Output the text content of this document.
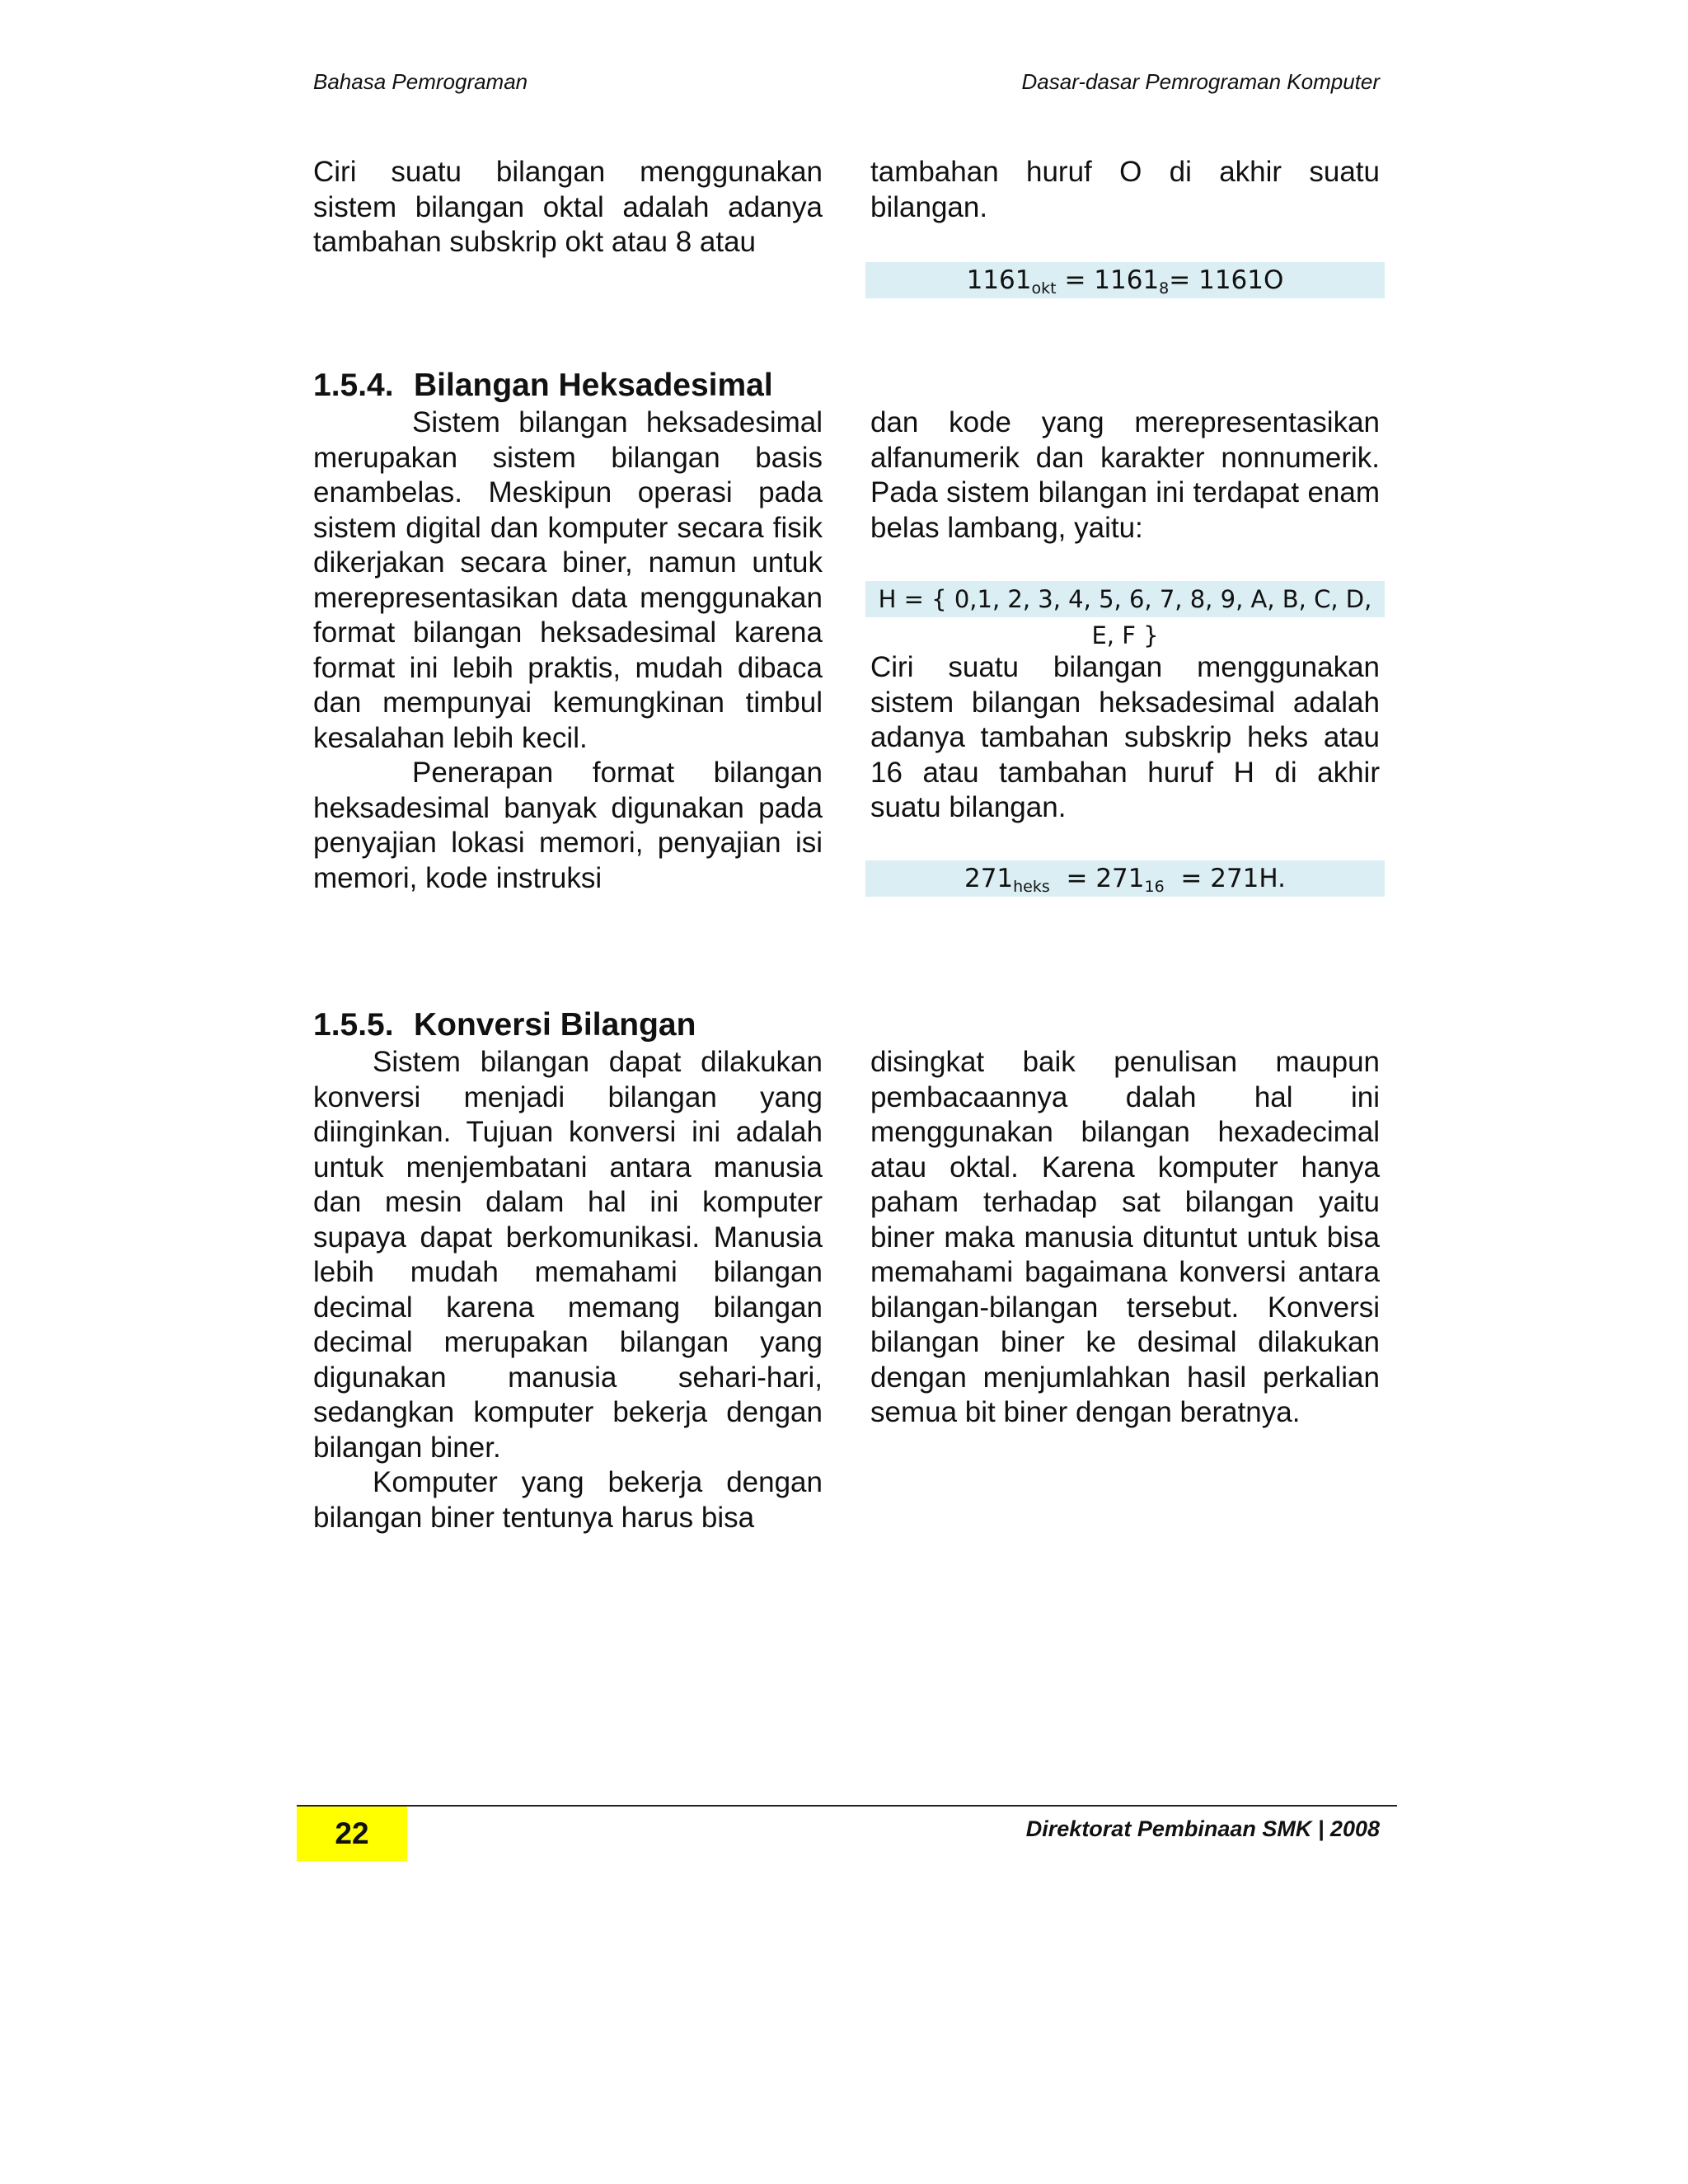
Bahasa Pemrograman	Dasar-dasar Pemrograman Komputer

Ciri suatu bilangan menggunakan sistem bilangan oktal adalah adanya tambahan subskrip okt atau 8 atau

tambahan huruf O di akhir suatu bilangan.

$1161_{okt} = 1161_8= 1161O$
1.5.4. Bilangan Heksadesimal

Sistem bilangan heksadesimal merupakan sistem bilangan basis enambelas. Meskipun operasi pada sistem digital dan komputer secara fisik dikerjakan secara biner, namun untuk merepresentasikan data menggunakan format bilangan heksadesimal karena format ini lebih praktis, mudah dibaca dan mempunyai kemungkinan timbul kesalahan lebih kecil.

Penerapan format bilangan heksadesimal banyak digunakan pada penyajian lokasi memori, penyajian isi memori, kode instruksi

dan kode yang merepresentasikan alfanumerik dan karakter nonnumerik. Pada sistem bilangan ini terdapat enam belas lambang, yaitu:

H = { 0,1, 2, 3, 4, 5, 6, 7, 8, 9, A, B, C, D, E, F }

Ciri suatu bilangan menggunakan sistem bilangan heksadesimal adalah adanya tambahan subskrip heks atau 16 atau tambahan huruf H di akhir suatu bilangan.

$271_{heks} = 271_{16} = 271H$.
1.5.5. Konversi Bilangan

Sistem bilangan dapat dilakukan konversi menjadi bilangan yang diinginkan. Tujuan konversi ini adalah untuk menjembatani antara manusia dan mesin dalam hal ini komputer supaya dapat berkomunikasi. Manusia lebih mudah memahami bilangan decimal karena memang bilangan decimal merupakan bilangan yang digunakan manusia sehari-hari, sedangkan komputer bekerja dengan bilangan biner.

Komputer yang bekerja dengan bilangan biner tentunya harus bisa

disingkat baik penulisan maupun pembacaannya dalah hal ini menggunakan bilangan hexadecimal atau oktal. Karena komputer hanya paham terhadap sat bilangan yaitu biner maka manusia dituntut untuk bisa memahami bagaimana konversi antara bilangan-bilangan tersebut. Konversi bilangan biner ke desimal dilakukan dengan menjumlahkan hasil perkalian semua bit biner dengan beratnya.

22	Direktorat Pembinaan SMK | 2008
